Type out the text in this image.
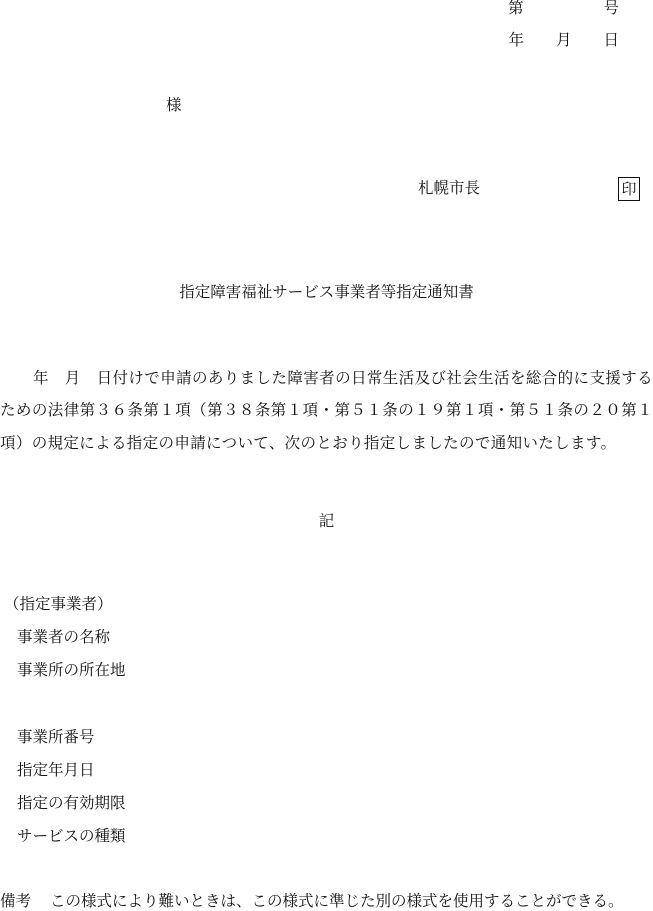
第	号
年 月 日
様
札幌市長	印
指定障害福祉サービス事業者等指定通知書

年　月　日付けで申請のありました障害者の日常生活及び社会生活を総合的に支援するための法律第３６条第１項（第３８条第１項・第５１条の１９第１項・第５１条の２０第１項）の規定による指定の申請について、次のとおり指定しましたので通知いたします。

記
（指定事業者）
事業者の名称
事業所の所在地
事業所番号
指定年月日
指定の有効期限
サービスの種類
備考	この様式により難いときは、この様式に準じた別の様式を使用することができる。
